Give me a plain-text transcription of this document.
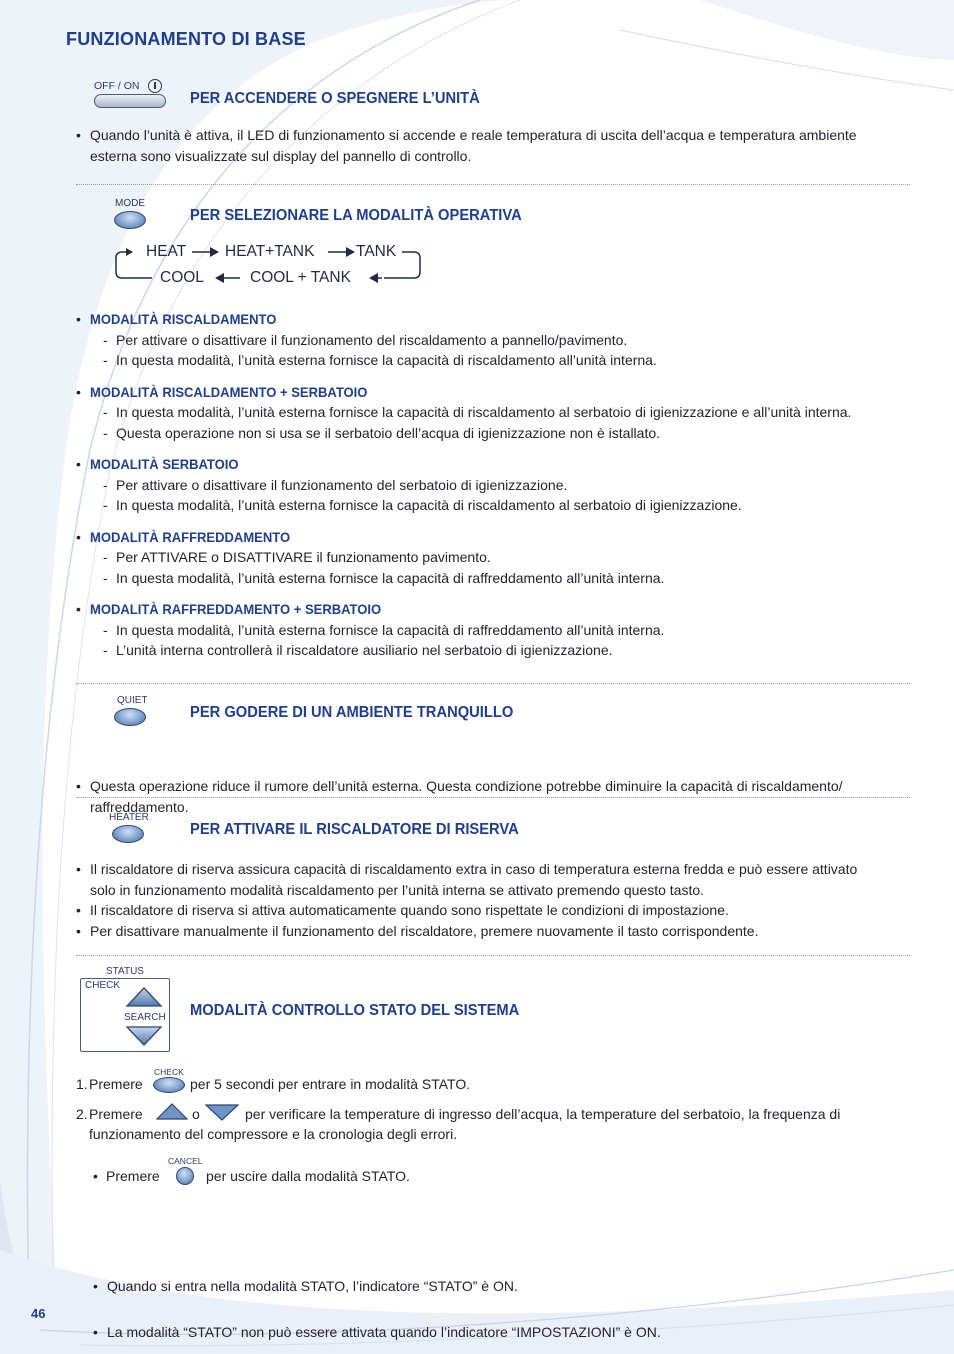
FUNZIONAMENTO DI BASE
OFF / ON
PER ACCENDERE O SPEGNERE L’UNITÀ
• Quando l’unità è attiva, il LED di funzionamento si accende e reale temperatura di uscita dell’acqua e temperatura ambiente esterna sono visualizzate sul display del pannello di controllo.
MODE
PER SELEZIONARE LA MODALITÀ OPERATIVA
HEAT	HEAT+TANK	TANK
COOL	COOL + TANK
• MODALITÀ RISCALDAMENTO
- Per attivare o disattivare il funzionamento del riscaldamento a pannello/pavimento.
- In questa modalità, l’unità esterna fornisce la capacità di riscaldamento all’unità interna.
• MODALITÀ RISCALDAMENTO + SERBATOIO
- In questa modalità, l’unità esterna fornisce la capacità di riscaldamento al serbatoio di igienizzazione e all’unità interna.
- Questa operazione non si usa se il serbatoio dell’acqua di igienizzazione non è istallato.
• MODALITÀ SERBATOIO
- Per attivare o disattivare il funzionamento del serbatoio di igienizzazione.
- In questa modalità, l’unità esterna fornisce la capacità di riscaldamento al serbatoio di igienizzazione.
• MODALITÀ RAFFREDDAMENTO
- Per ATTIVARE o DISATTIVARE il funzionamento pavimento.
- In questa modalità, l’unità esterna fornisce la capacità di raffreddamento all’unità interna.
• MODALITÀ RAFFREDDAMENTO + SERBATOIO
- In questa modalità, l’unità esterna fornisce la capacità di raffreddamento all’unità interna.
- L’unità interna controllerà il riscaldatore ausiliario nel serbatoio di igienizzazione.
QUIET
PER GODERE DI UN AMBIENTE TRANQUILLO
• Questa operazione riduce il rumore dell’unità esterna. Questa condizione potrebbe diminuire la capacità di riscaldamento/ raffreddamento.
HEATER
PER ATTIVARE IL RISCALDATORE DI RISERVA
• Il riscaldatore di riserva assicura capacità di riscaldamento extra in caso di temperatura esterna fredda e può essere attivato solo in funzionamento modalità riscaldamento per l’unità interna se attivato premendo questo tasto.
• Il riscaldatore di riserva si attiva automaticamente quando sono rispettate le condizioni di impostazione.
• Per disattivare manualmente il funzionamento del riscaldatore, premere nuovamente il tasto corrispondente.
STATUS
CHECK
SEARCH MODALITÀ CONTROLLO STATO DEL SISTEMA
1. Premere
CHECK
per 5 secondi per entrare in modalità STATO.
2. Premere	o	per verificare la temperature di ingresso dell’acqua, la temperature del serbatoio, la frequenza di
funzionamento del compressore e la cronologia degli errori.
• Premere
CANCEL
per uscire dalla modalità STATO.
• Quando si entra nella modalità STATO, l’indicatore “STATO” è ON.
• La modalità “STATO” non può essere attivata quando l’indicatore “IMPOSTAZIONI” è ON.
46
